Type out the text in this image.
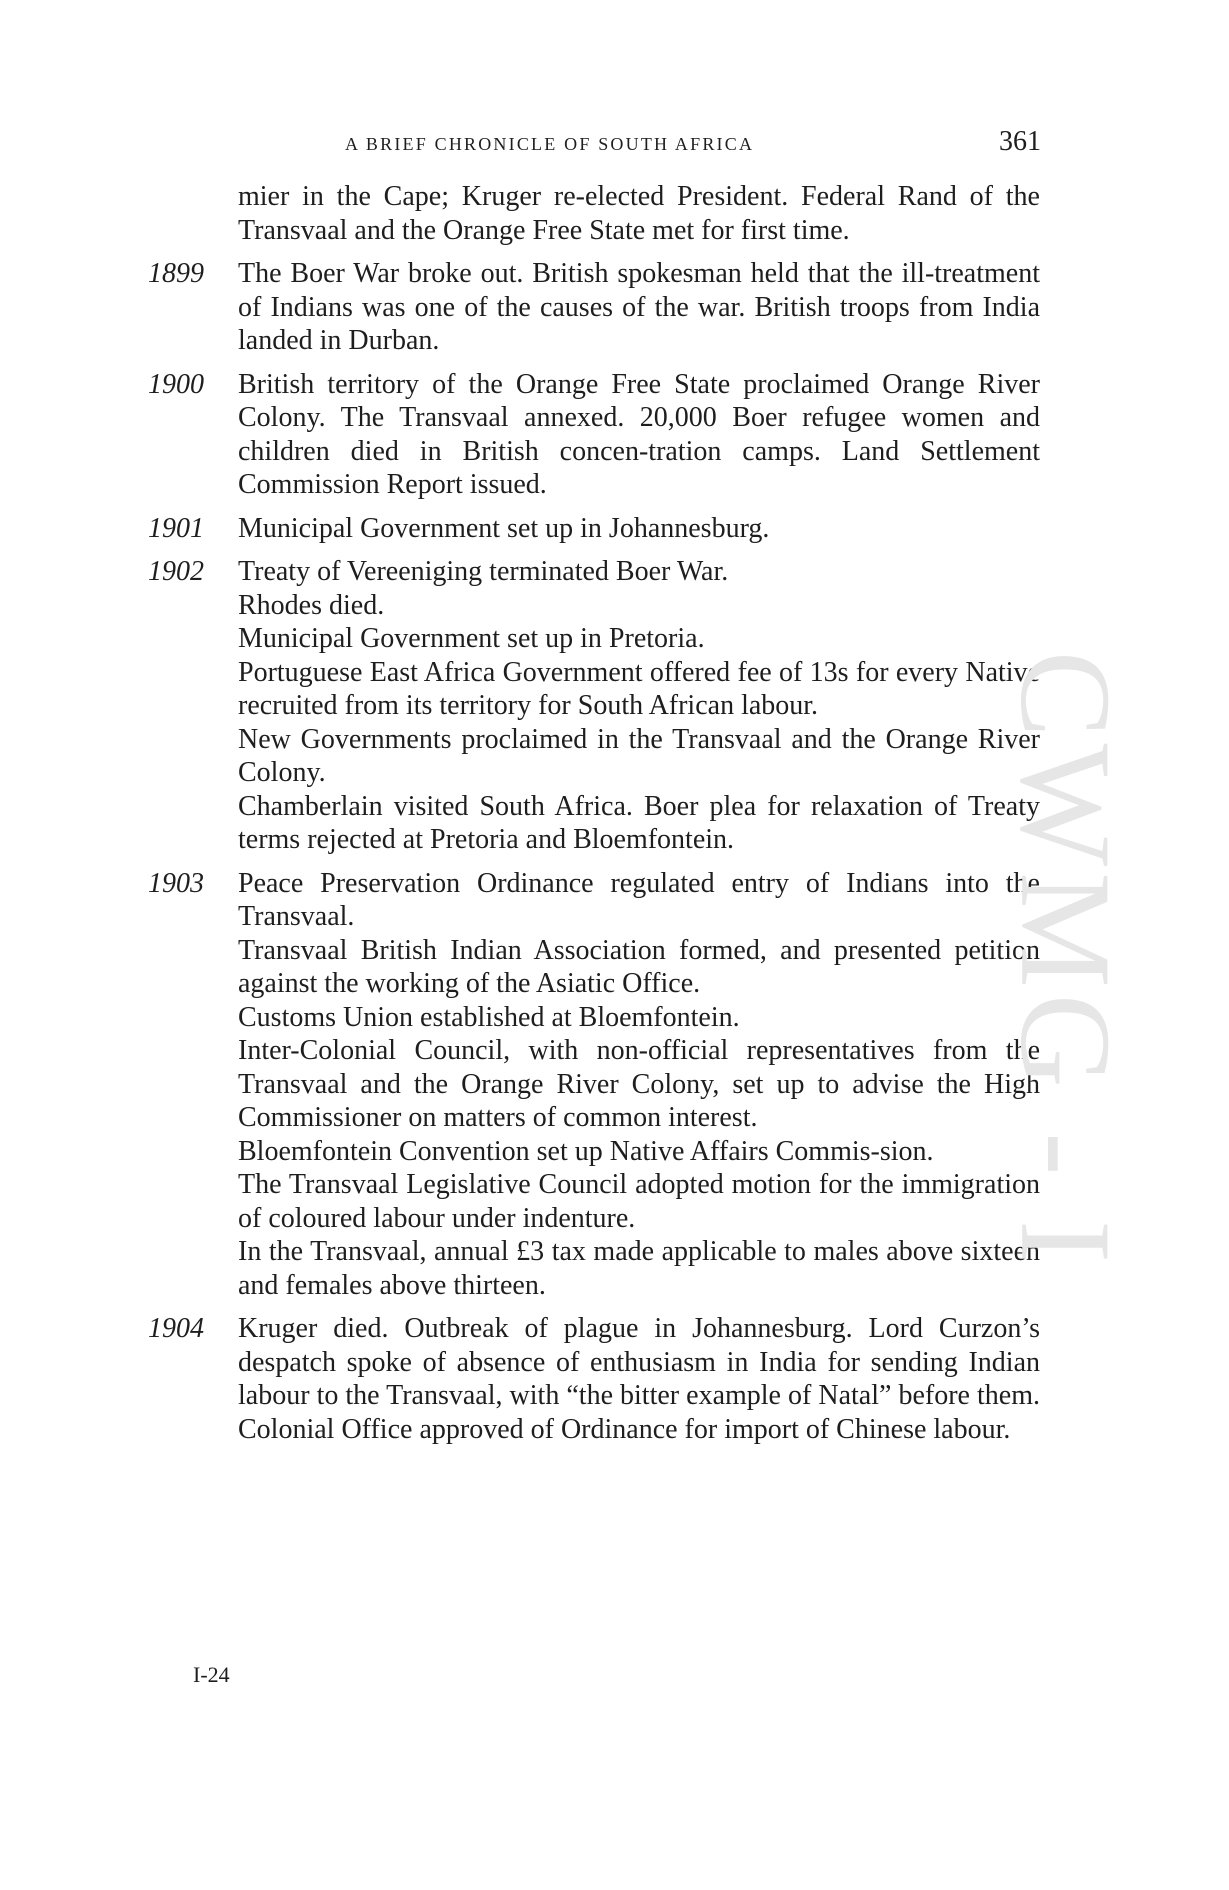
A BRIEF CHRONICLE OF SOUTH AFRICA	361

mier in the Cape; Kruger re-elected President. Federal Rand of the Transvaal and the Orange Free State met for first time.

1899	The Boer War broke out. British spokesman held that the ill-treatment of Indians was one of the causes of the war. British troops from India landed in Durban.

1900	British territory of the Orange Free State proclaimed Orange River Colony. The Transvaal annexed. 20,000 Boer refugee women and children died in British concen-tration camps. Land Settlement Commission Report issued.

1901	Municipal Government set up in Johannesburg.

1902	Treaty of Vereeniging terminated Boer War.

Rhodes died.

Municipal Government set up in Pretoria.

Portuguese East Africa Government offered fee of 13s for every Native recruited from its territory for South African labour.

New Governments proclaimed in the Transvaal and the Orange River Colony.

Chamberlain visited South Africa. Boer plea for relaxation of Treaty terms rejected at Pretoria and Bloemfontein.

1903	Peace Preservation Ordinance regulated entry of Indians into the Transvaal.

Transvaal British Indian Association formed, and presented petition against the working of the Asiatic Office.

Customs Union established at Bloemfontein.

Inter-Colonial Council, with non-official representatives from the Transvaal and the Orange River Colony, set up to advise the High Commissioner on matters of common interest.

Bloemfontein Convention set up Native Affairs Commis-sion.

The Transvaal Legislative Council adopted motion for the immigration of coloured labour under indenture.

In the Transvaal, annual £3 tax made applicable to males above sixteen and females above thirteen.

1904	Kruger died. Outbreak of plague in Johannesburg. Lord Curzon’s despatch spoke of absence of enthusiasm in India for sending Indian labour to the Transvaal, with “the bitter example of Natal” before them. Colonial Office approved of Ordinance for import of Chinese labour.

CWMG - I
I-24
